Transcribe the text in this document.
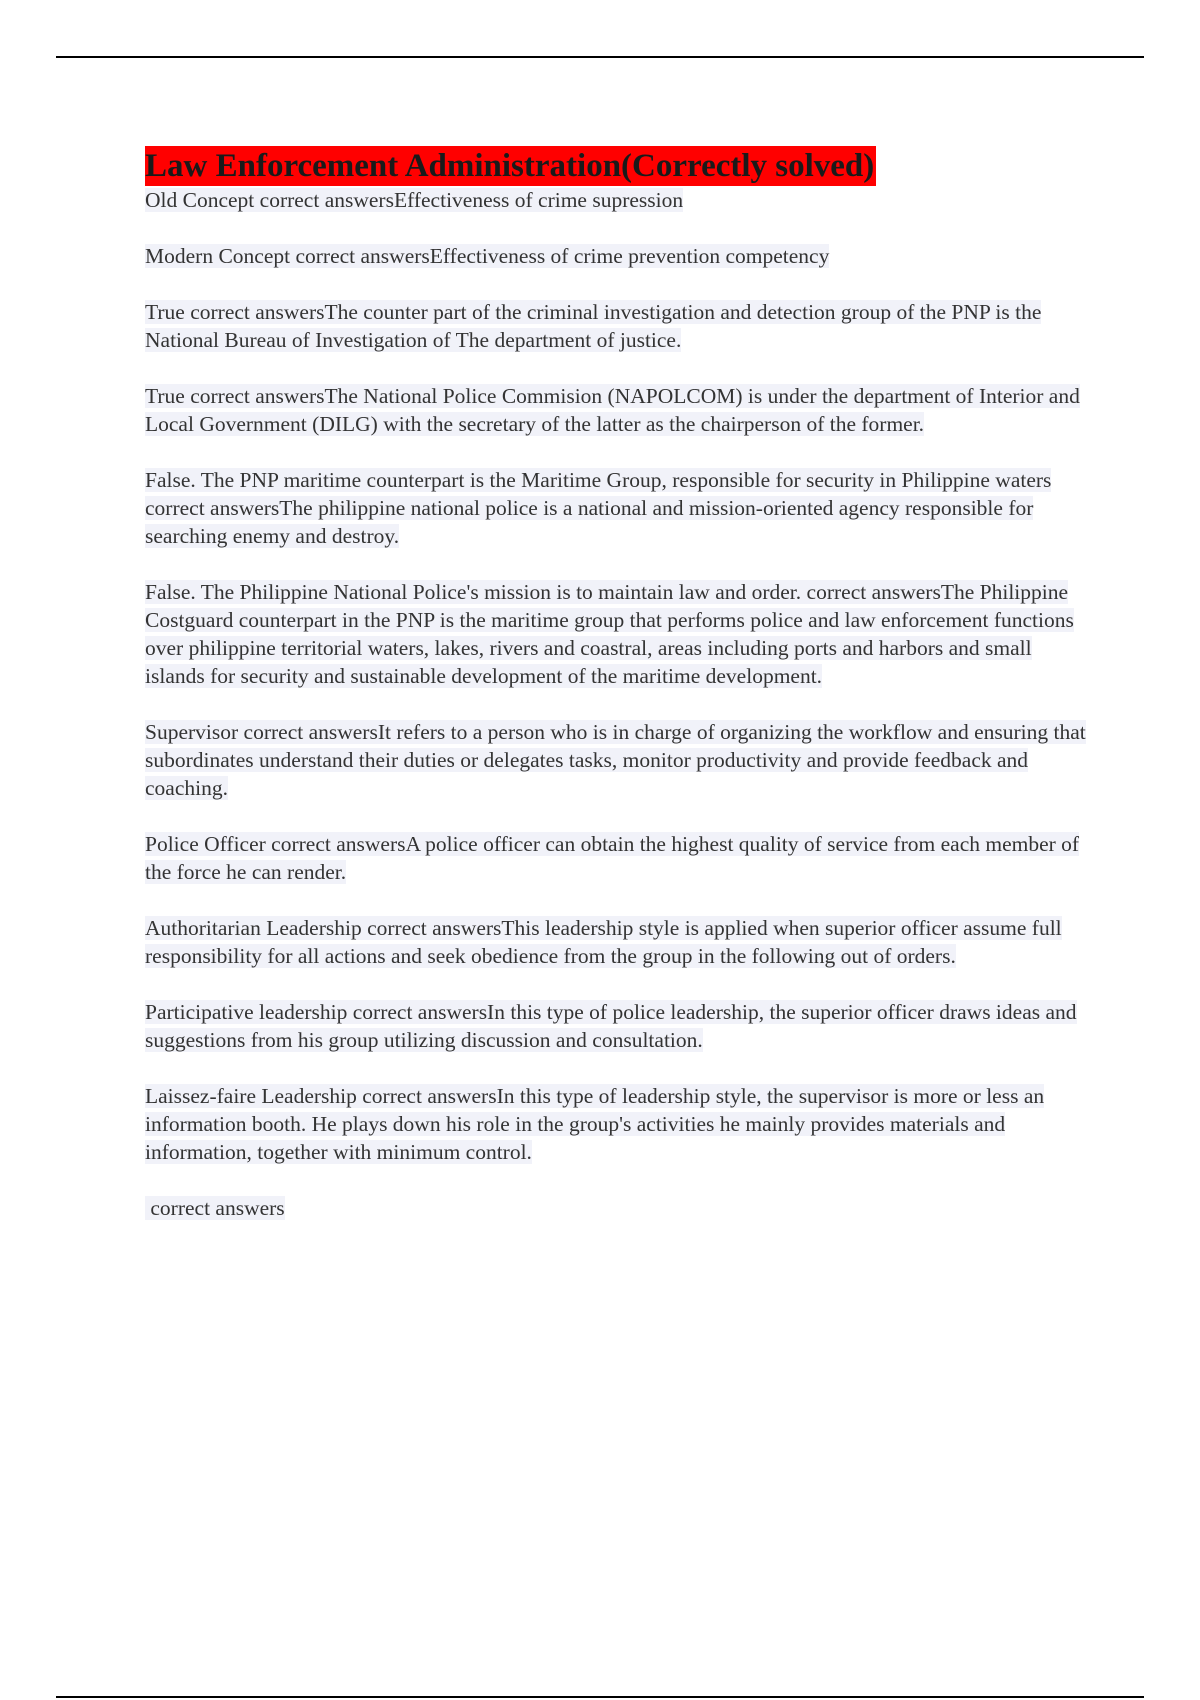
Law Enforcement Administration(Correctly solved)

Old Concept correct answersEffectiveness of crime supression

Modern Concept correct answersEffectiveness of crime prevention competency

True correct answersThe counter part of the criminal investigation and detection group of the PNP is the National Bureau of Investigation of The department of justice.

True correct answersThe National Police Commision (NAPOLCOM) is under the department of Interior and Local Government (DILG) with the secretary of the latter as the chairperson of the former.

False. The PNP maritime counterpart is the Maritime Group, responsible for security in Philippine waters correct answersThe philippine national police is a national and mission-oriented agency responsible for searching enemy and destroy.

False. The Philippine National Police's mission is to maintain law and order. correct answersThe Philippine Costguard counterpart in the PNP is the maritime group that performs police and law enforcement functions over philippine territorial waters, lakes, rivers and coastral, areas including ports and harbors and small islands for security and sustainable development of the maritime development.

Supervisor correct answersIt refers to a person who is in charge of organizing the workflow and ensuring that subordinates understand their duties or delegates tasks, monitor productivity and provide feedback and coaching.

Police Officer correct answersA police officer can obtain the highest quality of service from each member of the force he can render.

Authoritarian Leadership correct answersThis leadership style is applied when superior officer assume full responsibility for all actions and seek obedience from the group in the following out of orders.

Participative leadership correct answersIn this type of police leadership, the superior officer draws ideas and suggestions from his group utilizing discussion and consultation.

Laissez-faire Leadership correct answersIn this type of leadership style, the supervisor is more or less an information booth. He plays down his role in the group's activities he mainly provides materials and information, together with minimum control.

correct answers
